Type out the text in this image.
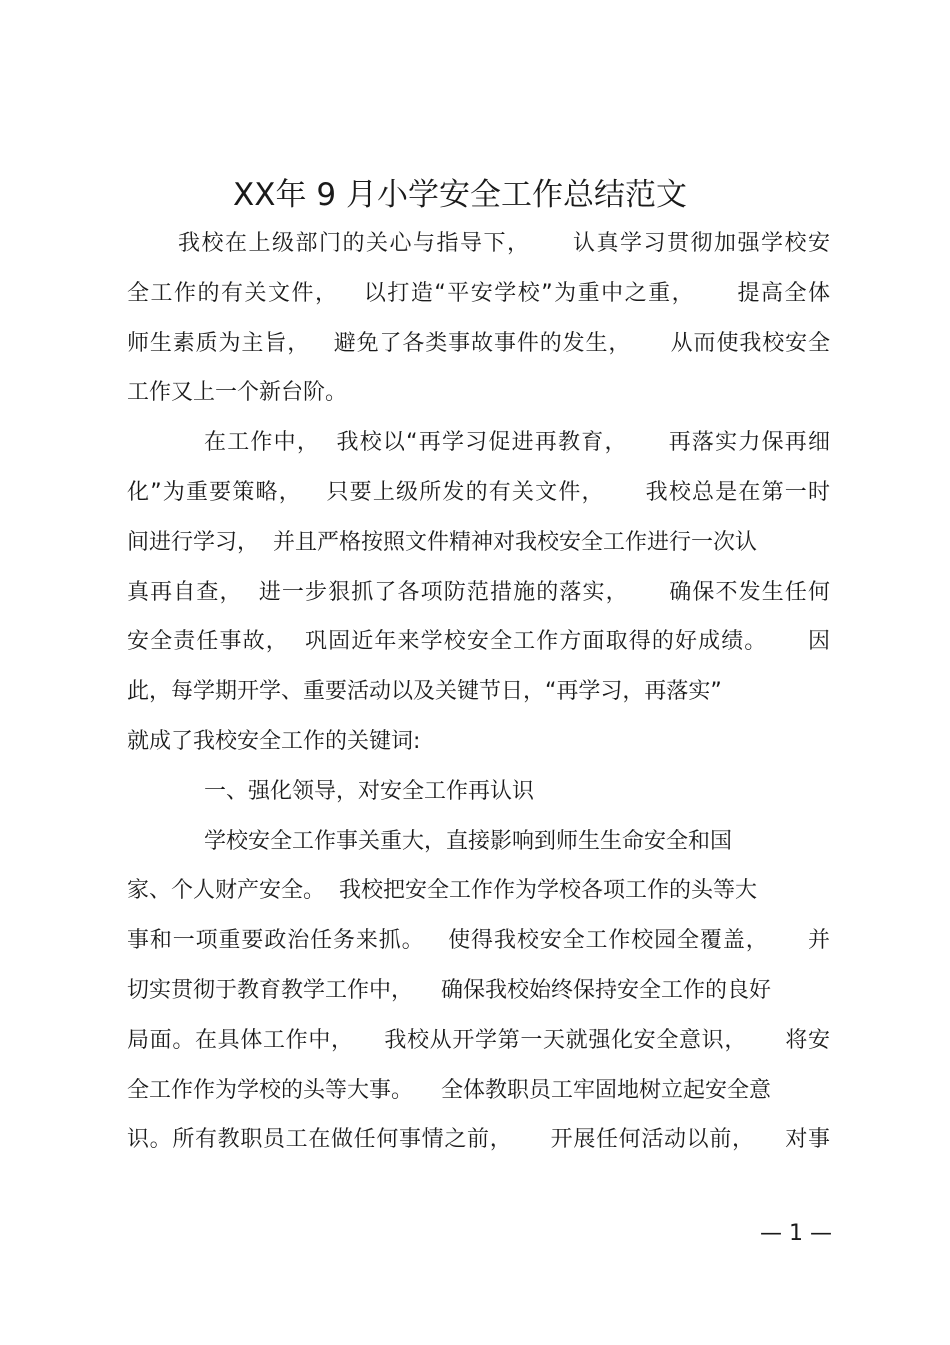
XX年 9 月小学安全工作总结范文
我校在上级部门的关心与指导下，     认真学习贯彻加强学校安
全工作的有关文件，   以打造“平安学校”为重中之重，     提高全体
师生素质为主旨，   避免了各类事故事件的发生，     从而使我校安全
工作又上一个新台阶。
在工作中，  我校以“再学习促进再教育，     再落实力保再细
化”为重要策略，   只要上级所发的有关文件，     我校总是在第一时
间进行学习，  并且严格按照文件精神对我校安全工作进行一次认
真再自查，  进一步狠抓了各项防范措施的落实，     确保不发生任何
安全责任事故，  巩固近年来学校安全工作方面取得的好成绩。     因
此，每学期开学、重要活动以及关键节日，“再学习，再落实”
就成了我校安全工作的关键词:
一、强化领导，对安全工作再认识
学校安全工作事关重大，直接影响到师生生命安全和国
家、个人财产安全。  我校把安全工作作为学校各项工作的头等大
事和一项重要政治任务来抓。   使得我校安全工作校园全覆盖，     并
切实贯彻于教育教学工作中，    确保我校始终保持安全工作的良好
局面。在具体工作中，    我校从开学第一天就强化安全意识，     将安
全工作作为学校的头等大事。    全体教职员工牢固地树立起安全意
识。所有教职员工在做任何事情之前，     开展任何活动以前，    对事
— 1 —
